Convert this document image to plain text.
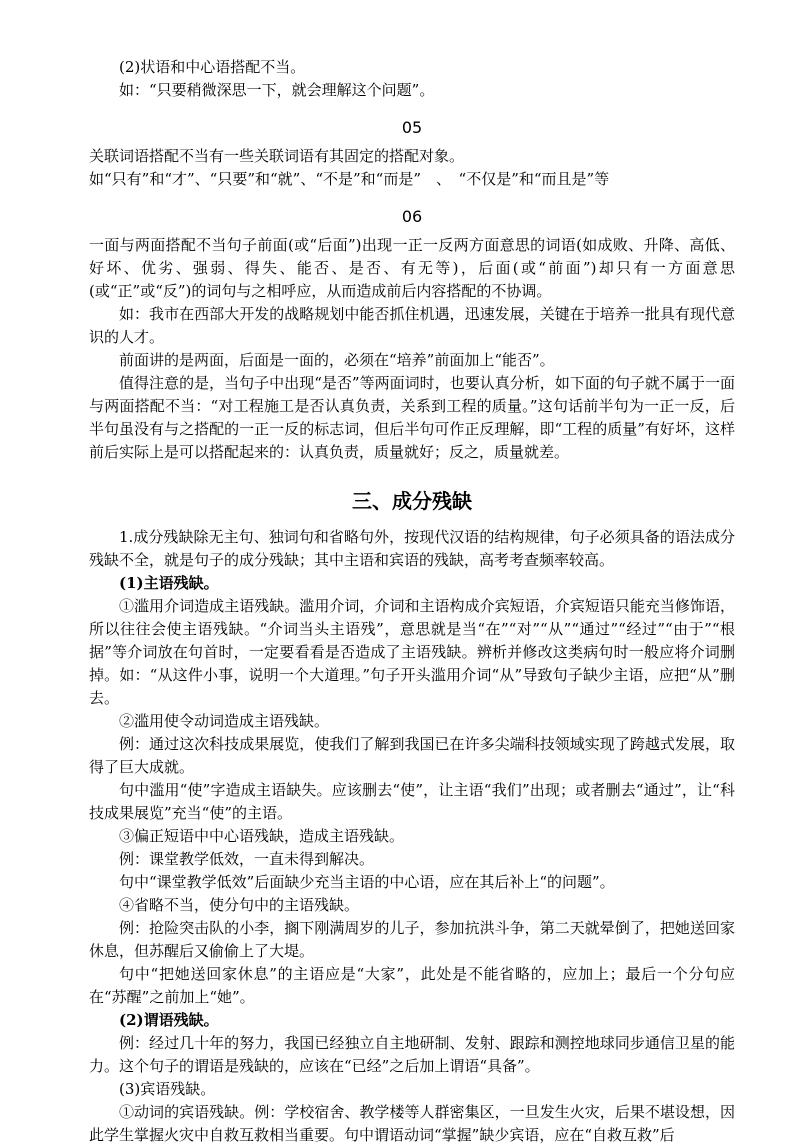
(2)状语和中心语搭配不当。

如：“只要稍微深思一下，就会理解这个问题”。

05

关联词语搭配不当有一些关联词语有其固定的搭配对象。

如“只有”和“才”、“只要”和“就”、“不是”和“而是”　、　“不仅是”和“而且是”等

06

一面与两面搭配不当句子前面(或“后面”)出现一正一反两方面意思的词语(如成败、升降、高低、好坏、优劣、强弱、得失、能否、是否、有无等)，后面(或“前面”)却只有一方面意思(或“正”或“反”)的词句与之相呼应，从而造成前后内容搭配的不协调。

如：我市在西部大开发的战略规划中能否抓住机遇，迅速发展，关键在于培养一批具有现代意识的人才。

前面讲的是两面，后面是一面的，必须在“培养”前面加上“能否”。

值得注意的是，当句子中出现“是否”等两面词时，也要认真分析，如下面的句子就不属于一面与两面搭配不当：“对工程施工是否认真负责，关系到工程的质量。”这句话前半句为一正一反，后半句虽没有与之搭配的一正一反的标志词，但后半句可作正反理解，即“工程的质量”有好坏，这样前后实际上是可以搭配起来的：认真负责，质量就好；反之，质量就差。

三、成分残缺

1.成分残缺除无主句、独词句和省略句外，按现代汉语的结构规律，句子必须具备的语法成分残缺不全，就是句子的成分残缺；其中主语和宾语的残缺，高考考查频率较高。

(1)主语残缺。

①滥用介词造成主语残缺。滥用介词，介词和主语构成介宾短语，介宾短语只能充当修饰语，所以往往会使主语残缺。“介词当头主语残”，意思就是当“在”“对”“从”“通过”“经过”“由于”“根据”等介词放在句首时，一定要看看是否造成了主语残缺。辨析并修改这类病句时一般应将介词删掉。如：“从这件小事，说明一个大道理。”句子开头滥用介词“从”导致句子缺少主语，应把“从”删去。

②滥用使令动词造成主语残缺。

例：通过这次科技成果展览，使我们了解到我国已在许多尖端科技领域实现了跨越式发展，取得了巨大成就。

句中滥用“使”字造成主语缺失。应该删去“使”，让主语“我们”出现；或者删去“通过”，让“科技成果展览”充当“使”的主语。

③偏正短语中中心语残缺，造成主语残缺。

例：课堂教学低效，一直未得到解决。

句中“课堂教学低效”后面缺少充当主语的中心语，应在其后补上“的问题”。

④省略不当，使分句中的主语残缺。

例：抢险突击队的小李，搁下刚满周岁的儿子，参加抗洪斗争，第二天就晕倒了，把她送回家休息，但苏醒后又偷偷上了大堤。

句中“把她送回家休息”的主语应是“大家”，此处是不能省略的，应加上；最后一个分句应在“苏醒”之前加上“她”。

(2)谓语残缺。

例：经过几十年的努力，我国已经独立自主地研制、发射、跟踪和测控地球同步通信卫星的能力。这个句子的谓语是残缺的，应该在“已经”之后加上谓语“具备”。

(3)宾语残缺。

①动词的宾语残缺。例：学校宿舍、教学楼等人群密集区，一旦发生火灾，后果不堪设想，因此学生掌握火灾中自救互救相当重要。句中谓语动词“掌握”缺少宾语，应在“自救互救”后
